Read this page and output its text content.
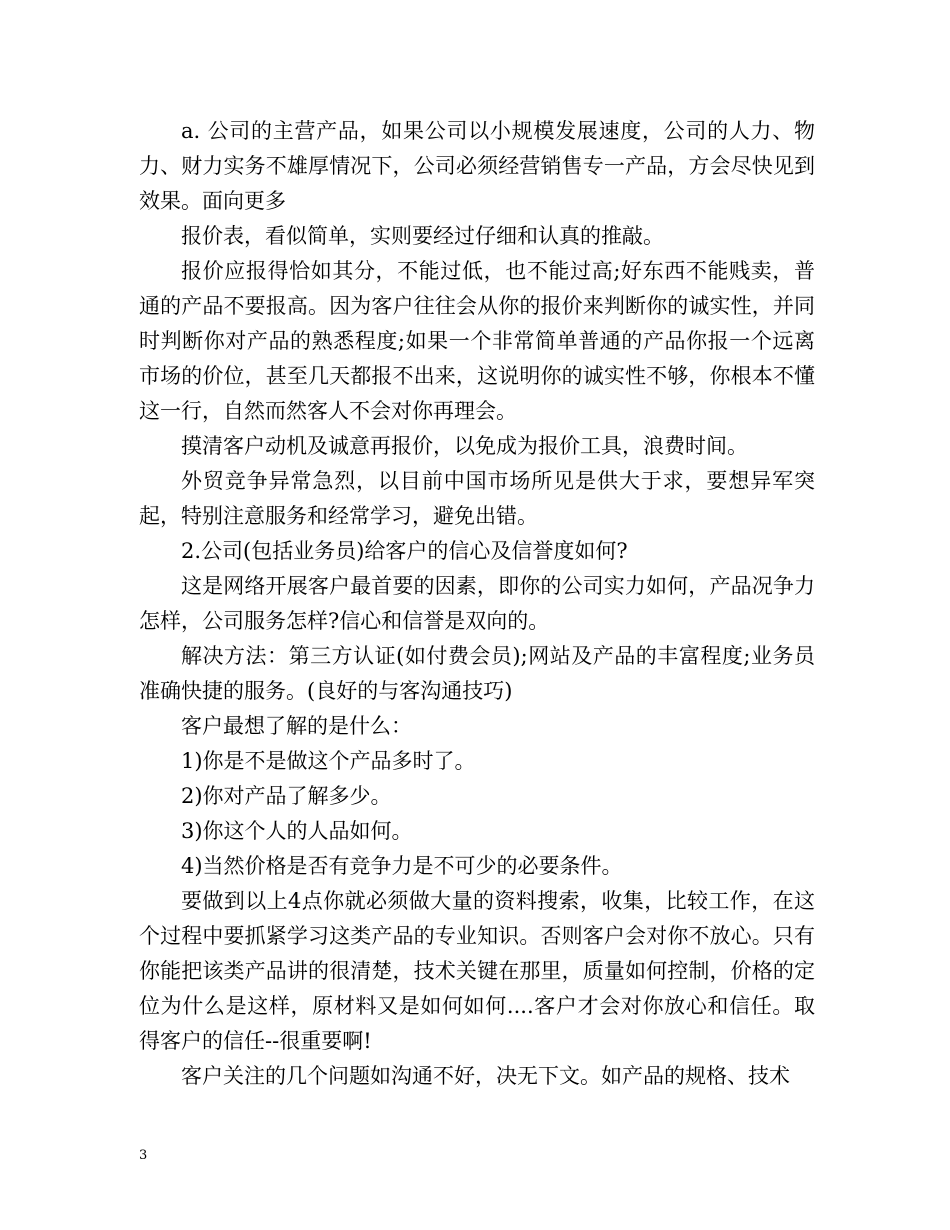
a. 公司的主营产品，如果公司以小规模发展速度，公司的人力、物力、财力实务不雄厚情况下，公司必须经营销售专一产品，方会尽快见到效果。面向更多

报价表，看似简单，实则要经过仔细和认真的推敲。

报价应报得恰如其分，不能过低，也不能过高;好东西不能贱卖，普通的产品不要报高。因为客户往往会从你的报价来判断你的诚实性，并同时判断你对产品的熟悉程度;如果一个非常简单普通的产品你报一个远离市场的价位，甚至几天都报不出来，这说明你的诚实性不够，你根本不懂这一行，自然而然客人不会对你再理会。

摸清客户动机及诚意再报价，以免成为报价工具，浪费时间。

外贸竞争异常急烈，以目前中国市场所见是供大于求，要想异军突起，特别注意服务和经常学习，避免出错。

2.公司(包括业务员)给客户的信心及信誉度如何?

这是网络开展客户最首要的因素，即你的公司实力如何，产品况争力怎样，公司服务怎样?信心和信誉是双向的。

解决方法：第三方认证(如付费会员);网站及产品的丰富程度;业务员准确快捷的服务。(良好的与客沟通技巧)

客户最想了解的是什么：

1)你是不是做这个产品多时了。

2)你对产品了解多少。

3)你这个人的人品如何。

4)当然价格是否有竞争力是不可少的必要条件。

要做到以上4点你就必须做大量的资料搜索，收集，比较工作，在这个过程中要抓紧学习这类产品的专业知识。否则客户会对你不放心。只有你能把该类产品讲的很清楚，技术关键在那里，质量如何控制，价格的定位为什么是这样，原材料又是如何如何....客户才会对你放心和信任。取得客户的信任--很重要啊!

客户关注的几个问题如沟通不好，决无下文。如产品的规格、技术

3
